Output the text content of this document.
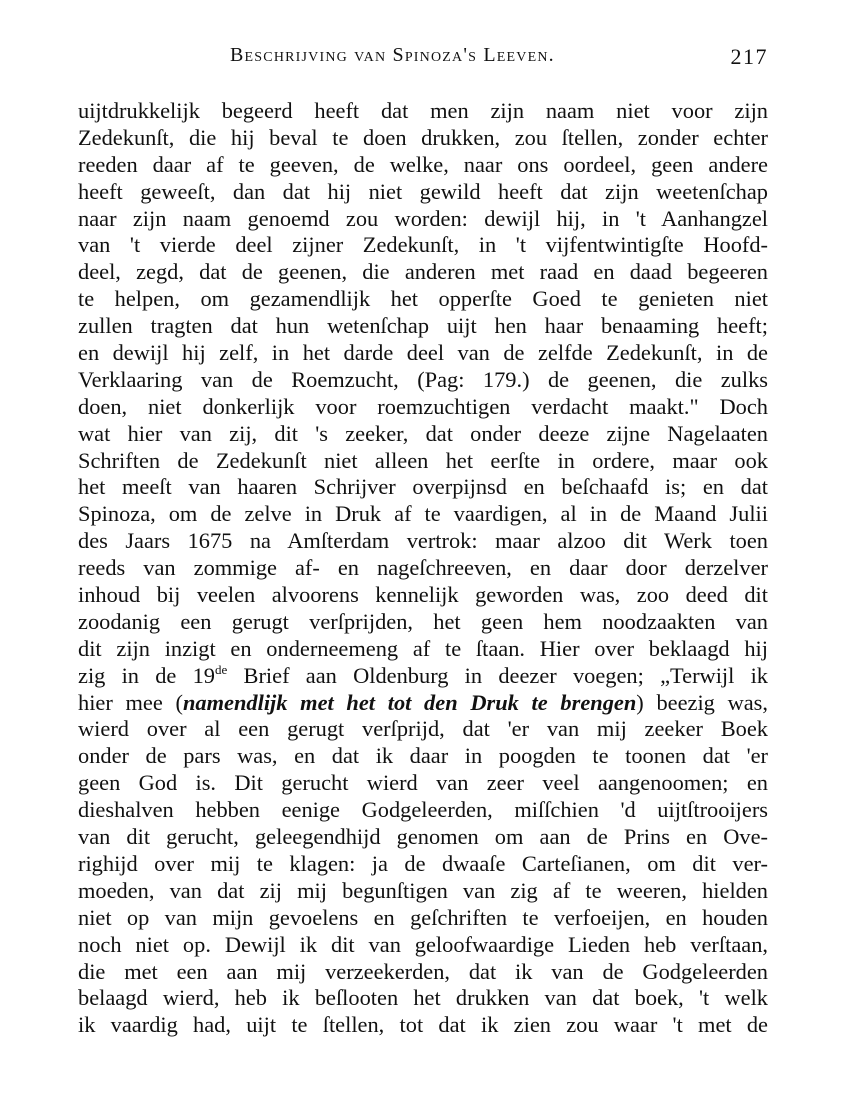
Beschrijving van Spinoza's Leeven.	217
uijtdrukkelijk begeerd heeft dat men zijn naam niet voor zijn
Zedekunſt, die hij beval te doen drukken, zou ſtellen, zonder echter
reeden daar af te geeven, de welke, naar ons oordeel, geen andere
heeft geweeſt, dan dat hij niet gewild heeft dat zijn weetenſchap
naar zijn naam genoemd zou worden: dewijl hij, in 't Aanhangzel
van 't vierde deel zijner Zedekunſt, in 't vijfentwintigſte Hoofd-
deel, zegd, dat de geenen, die anderen met raad en daad begeeren
te helpen, om gezamendlijk het opperſte Goed te genieten niet
zullen tragten dat hun wetenſchap uijt hen haar benaaming heeft;
en dewijl hij zelf, in het darde deel van de zelfde Zedekunſt, in de
Verklaaring van de Roemzucht, (Pag: 179.) de geenen, die zulks
doen, niet donkerlijk voor roemzuchtigen verdacht maakt." Doch
wat hier van zij, dit 's zeeker, dat onder deeze zijne Nagelaaten
Schriften de Zedekunſt niet alleen het eerſte in ordere, maar ook
het meeſt van haaren Schrijver overpijnsd en beſchaafd is; en dat
Spinoza, om de zelve in Druk af te vaardigen, al in de Maand Julii
des Jaars 1675 na Amſterdam vertrok: maar alzoo dit Werk toen
reeds van zommige af- en nageſchreeven, en daar door derzelver
inhoud bij veelen alvoorens kennelijk geworden was, zoo deed dit
zoodanig een gerugt verſprijden, het geen hem noodzaakten van
dit zijn inzigt en onderneemeng af te ſtaan. Hier over beklaagd hij
zig in de 19de Brief aan Oldenburg in deezer voegen; „Terwijl ik
hier mee (namendlijk met het tot den Druk te brengen) beezig was,
wierd over al een gerugt verſprijd, dat 'er van mij zeeker Boek
onder de pars was, en dat ik daar in poogden te toonen dat 'er
geen God is. Dit gerucht wierd van zeer veel aangenoomen; en
dieshalven hebben eenige Godgeleerden, miſſchien 'd uijtſtrooijers
van dit gerucht, geleegendhijd genomen om aan de Prins en Ove-
righijd over mij te klagen: ja de dwaaſe Carteſianen, om dit ver-
moeden, van dat zij mij begunſtigen van zig af te weeren, hielden
niet op van mijn gevoelens en geſchriften te verfoeijen, en houden
noch niet op. Dewijl ik dit van geloofwaardige Lieden heb verſtaan,
die met een aan mij verzeekerden, dat ik van de Godgeleerden
belaagd wierd, heb ik beſlooten het drukken van dat boek, 't welk
ik vaardig had, uijt te ſtellen, tot dat ik zien zou waar 't met de
